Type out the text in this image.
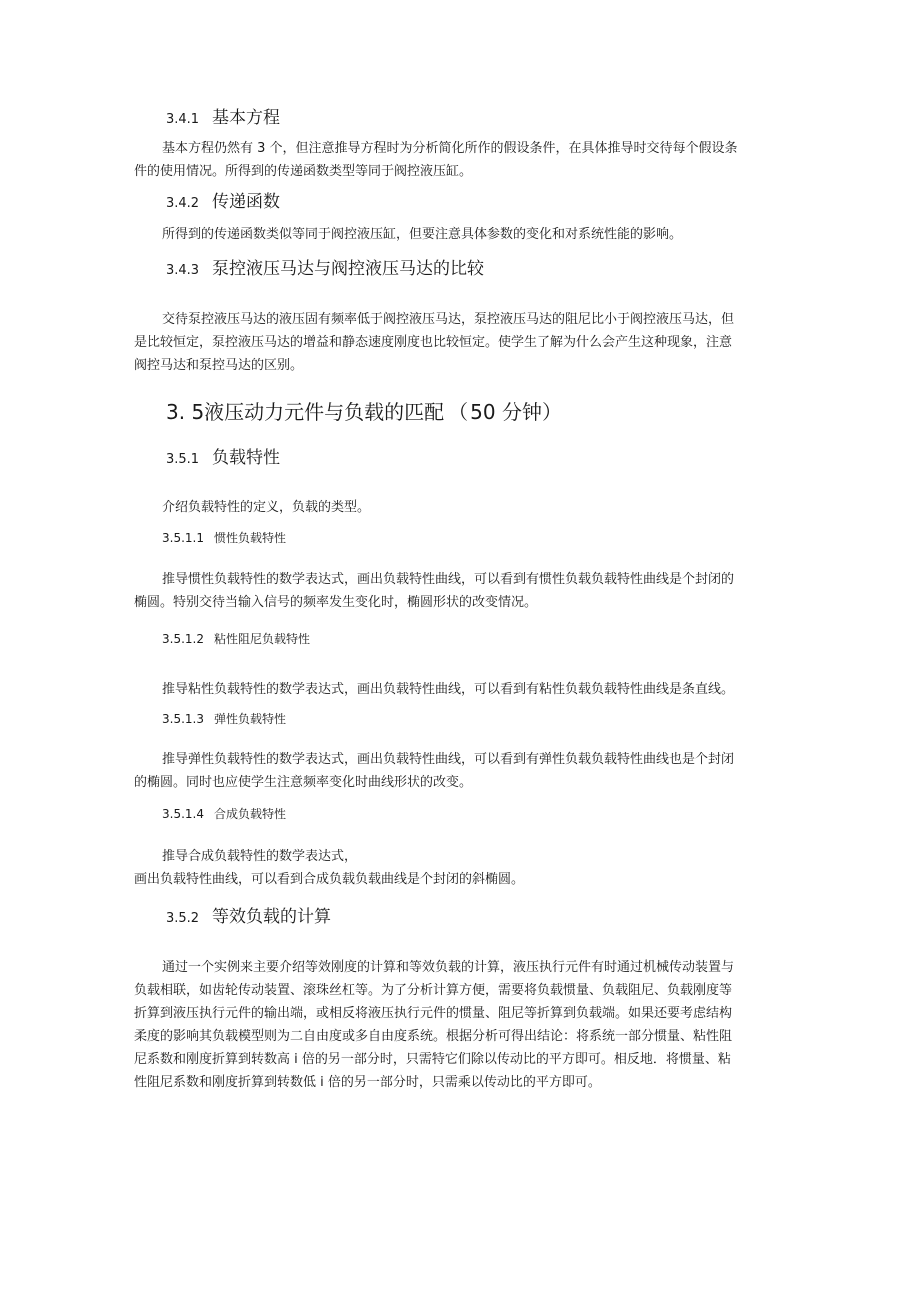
3.4.1 基本方程
基本方程仍然有 3 个，但注意推导方程时为分析简化所作的假设条件，在具体推导时交待每个假设条
件的使用情况。所得到的传递函数类型等同于阀控液压缸。
3.4.2 传递函数
所得到的传递函数类似等同于阀控液压缸，但要注意具体参数的变化和对系统性能的影响。
3.4.3 泵控液压马达与阀控液压马达的比较
交待泵控液压马达的液压固有频率低于阀控液压马达，泵控液压马达的阻尼比小于阀控液压马达，但
是比较恒定，泵控液压马达的增益和静态速度刚度也比较恒定。使学生了解为什么会产生这种现象，注意
阀控马达和泵控马达的区别。
3. 5液压动力元件与负载的匹配 （ 50 分钟）
3.5.1 负载特性
介绍负载特性的定义，负载的类型。
3.5.1.1 惯性负载特性
推导惯性负载特性的数学表达式，画出负载特性曲线，可以看到有惯性负载负载特性曲线是个封闭的
椭圆。特别交待当输入信号的频率发生变化时，椭圆形状的改变情况。
3.5.1.2 粘性阻尼负载特性
推导粘性负载特性的数学表达式，画出负载特性曲线，可以看到有粘性负载负载特性曲线是条直线。
3.5.1.3 弹性负载特性
推导弹性负载特性的数学表达式，画出负载特性曲线，可以看到有弹性负载负载特性曲线也是个封闭
的椭圆。同时也应使学生注意频率变化时曲线形状的改变。
3.5.1.4 合成负载特性
推导合成负载特性的数学表达式，
画出负载特性曲线，可以看到合成负载负载曲线是个封闭的斜椭圆。
3.5.2 等效负载的计算
通过一个实例来主要介绍等效刚度的计算和等效负载的计算，液压执行元件有时通过机械传动装置与
负载相联，如齿轮传动装置、滚珠丝杠等。为了分析计算方便，需要将负载惯量、负载阻尼、负载刚度等
折算到液压执行元件的输出端，或相反将液压执行元件的惯量、阻尼等折算到负载端。如果还要考虑结构
柔度的影响其负载模型则为二自由度或多自由度系统。根据分析可得出结论：将系统一部分惯量、粘性阻
尼系数和刚度折算到转数高 i 倍的另一部分时，只需特它们除以传动比的平方即可。相反地．将惯量、粘
性阻尼系数和刚度折算到转数低 i 倍的另一部分时，只需乘以传动比的平方即可。
